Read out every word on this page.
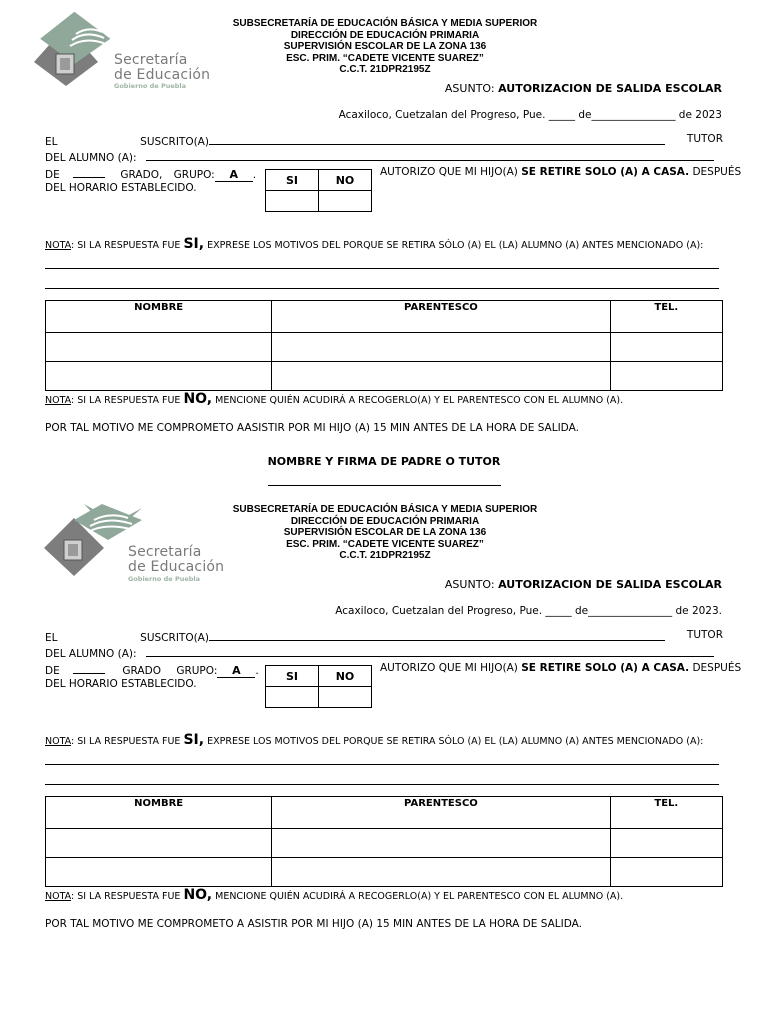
Secretaría
de Educación
Gobierno de Puebla
SUBSECRETARÍA DE EDUCACIÓN BÁSICA Y MEDIA SUPERIOR
DIRECCIÓN DE EDUCACIÓN PRIMARIA
SUPERVISIÓN ESCOLAR DE LA ZONA 136
ESC. PRIM. “CADETE VICENTE SUAREZ”
C.C.T. 21DPR2195Z
ASUNTO: AUTORIZACION DE SALIDA ESCOLAR
Acaxiloco, Cuetzalan del Progreso, Pue. _____ de________________ de 2023
EL	SUSCRITO(A)	TUTOR
DEL ALUMNO (A):
DE	GRADO, GRUPO: A .	SI	NO

AUTORIZO QUE MI HIJO(A) SE RETIRE SOLO (A) A CASA. DESPUÉS
DEL HORARIO ESTABLECIDO.
NOTA: SI LA RESPUESTA FUE SI, EXPRESE LOS MOTIVOS DEL PORQUE SE RETIRA SÓLO (A) EL (LA) ALUMNO (A) ANTES MENCIONADO (A):
NOMBRE	PARENTESCO	TEL.

NOTA: SI LA RESPUESTA FUE NO, MENCIONE QUIÉN ACUDIRÁ A RECOGERLO(A) Y EL PARENTESCO CON EL ALUMNO (A).
POR TAL MOTIVO ME COMPROMETO AASISTIR POR MI HIJO (A) 15 MIN ANTES DE LA HORA DE SALIDA.
NOMBRE Y FIRMA DE PADRE O TUTOR
Secretaría
de Educación
Gobierno de Puebla
SUBSECRETARÍA DE EDUCACIÓN BÁSICA Y MEDIA SUPERIOR
DIRECCIÓN DE EDUCACIÓN PRIMARIA
SUPERVISIÓN ESCOLAR DE LA ZONA 136
ESC. PRIM. “CADETE VICENTE SUAREZ”
C.C.T. 21DPR2195Z
ASUNTO: AUTORIZACION DE SALIDA ESCOLAR
Acaxiloco, Cuetzalan del Progreso, Pue. _____ de________________ de 2023.
EL	SUSCRITO(A)	TUTOR
DEL ALUMNO (A):
DE	GRADO GRUPO: A .	SI	NO

AUTORIZO QUE MI HIJO(A) SE RETIRE SOLO (A) A CASA. DESPUÉS
DEL HORARIO ESTABLECIDO.
NOTA: SI LA RESPUESTA FUE SI, EXPRESE LOS MOTIVOS DEL PORQUE SE RETIRA SÓLO (A) EL (LA) ALUMNO (A) ANTES MENCIONADO (A):
NOMBRE	PARENTESCO	TEL.

NOTA: SI LA RESPUESTA FUE NO, MENCIONE QUIÉN ACUDIRÁ A RECOGERLO(A) Y EL PARENTESCO CON EL ALUMNO (A).
POR TAL MOTIVO ME COMPROMETO A ASISTIR POR MI HIJO (A) 15 MIN ANTES DE LA HORA DE SALIDA.
